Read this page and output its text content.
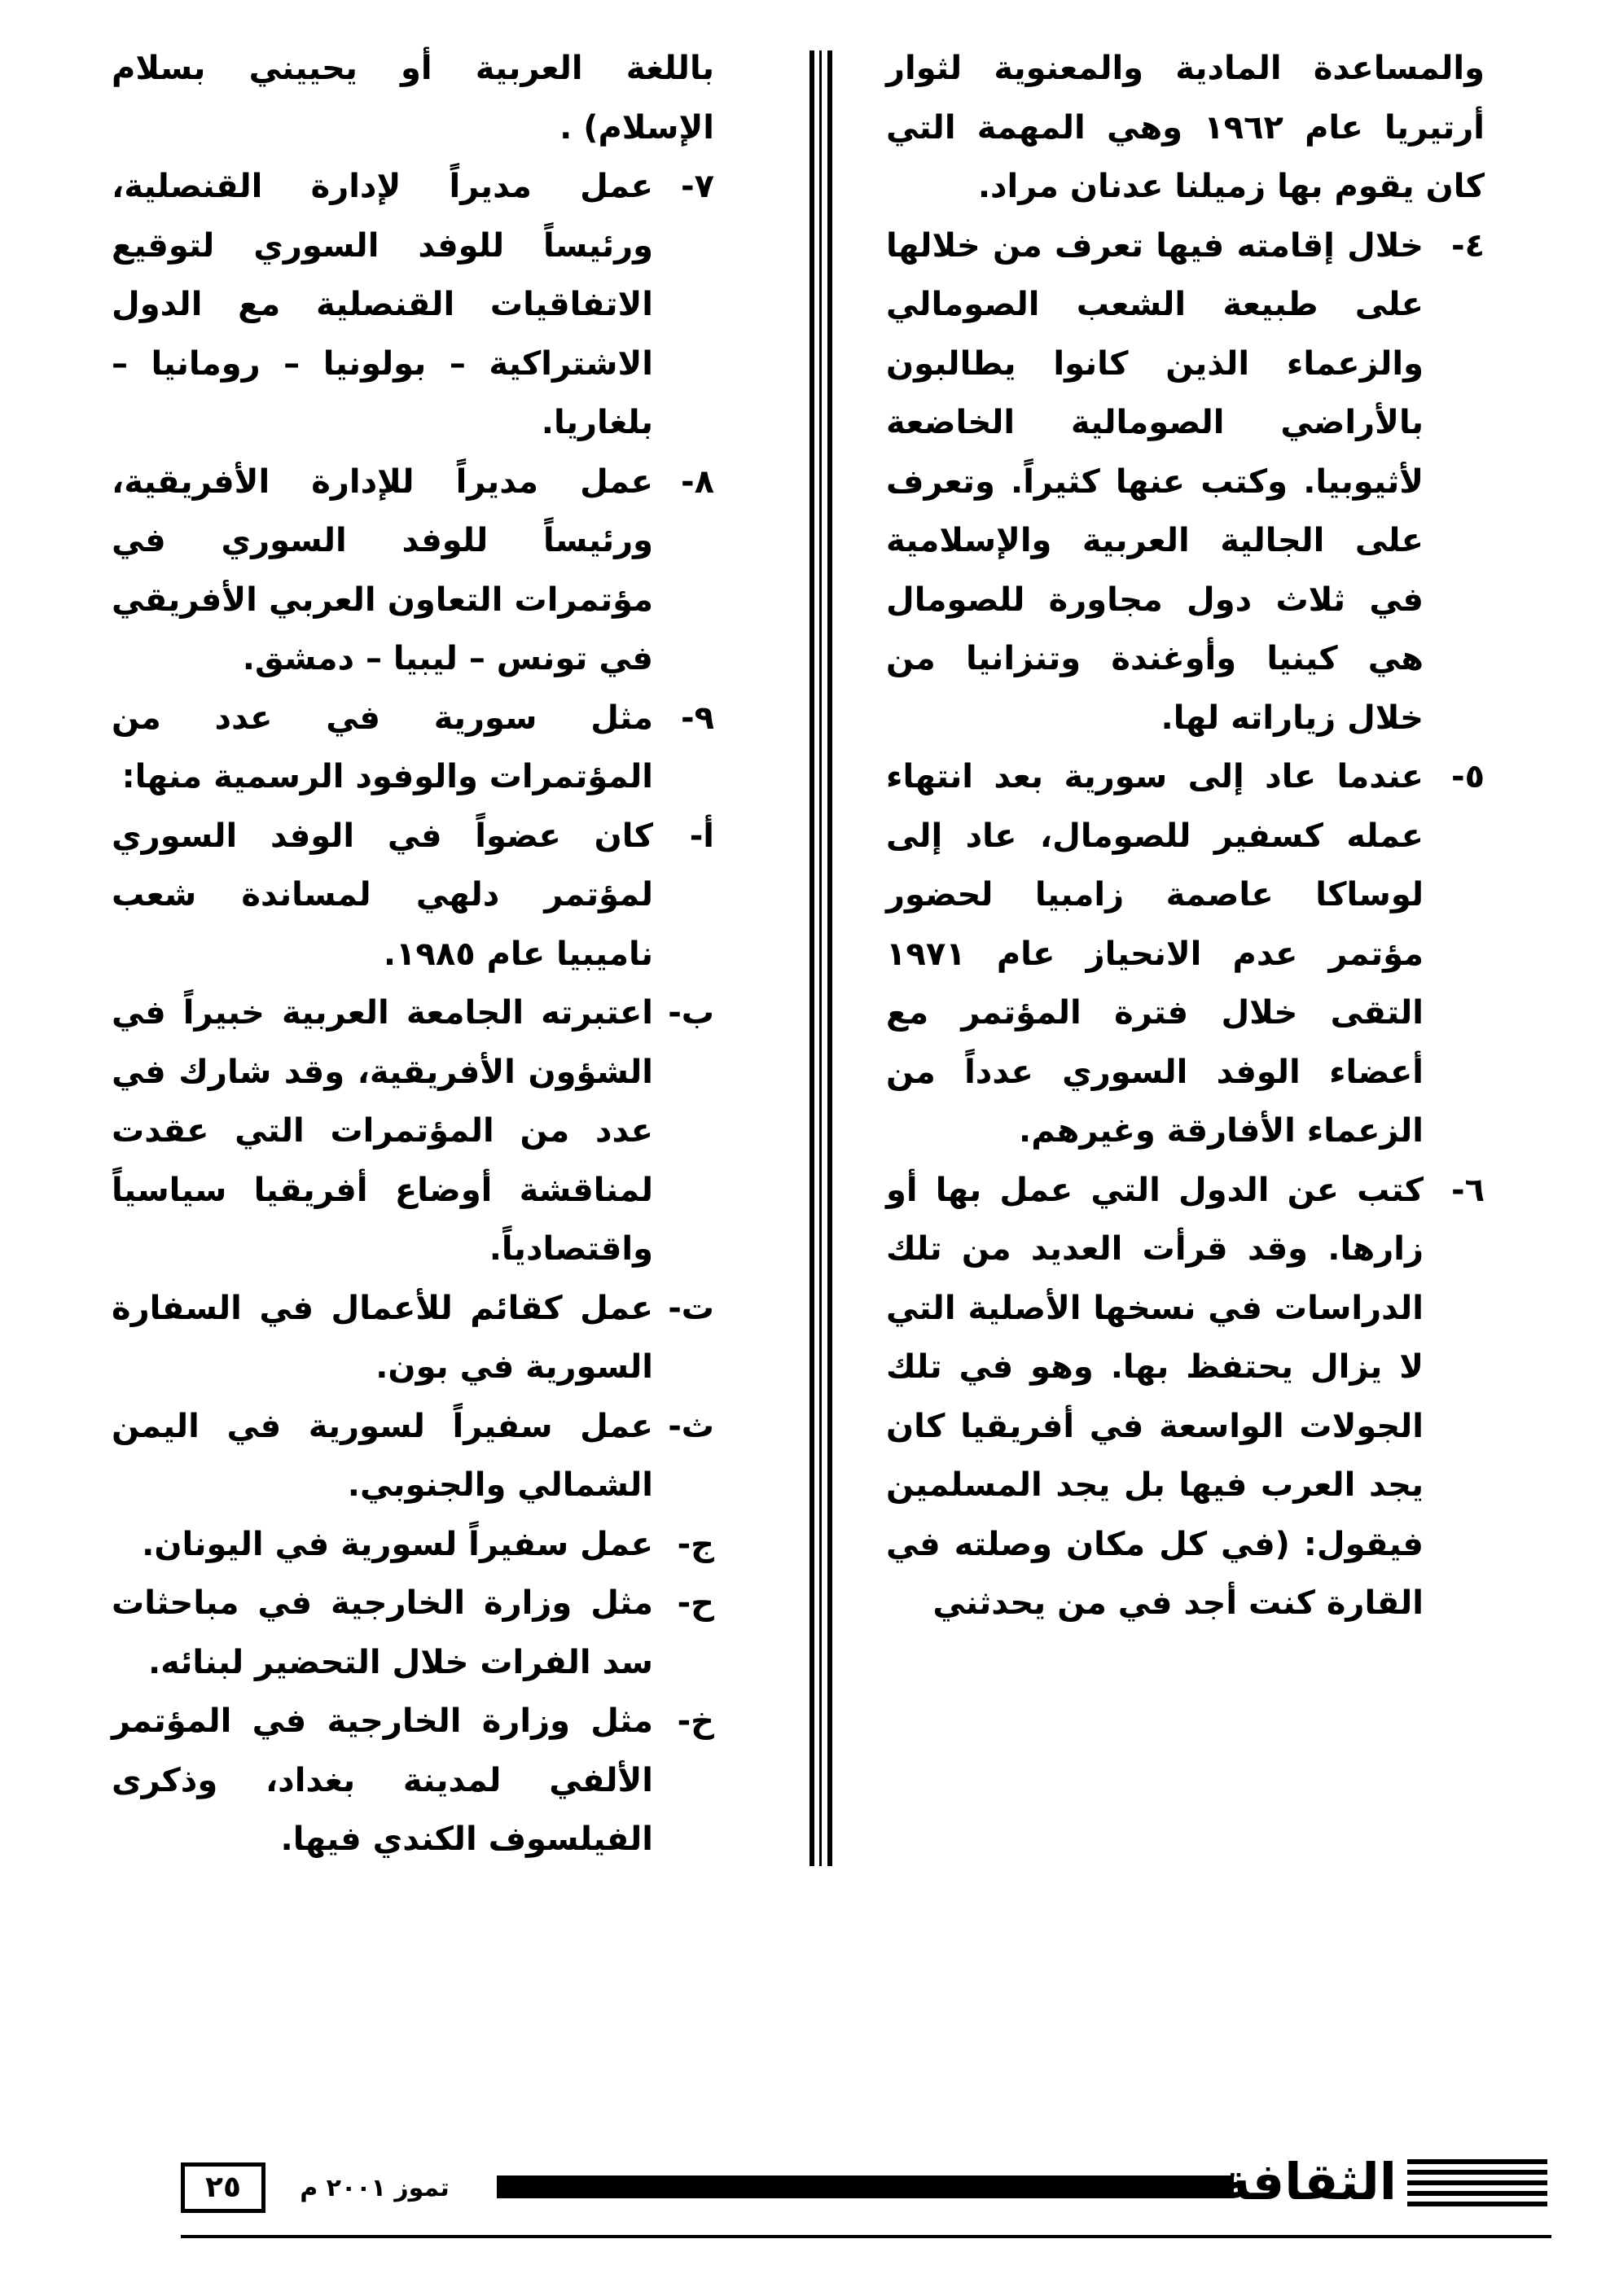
والمساعدة المادية والمعنوية لثوار أرتيريا عام ١٩٦٢ وهي المهمة التي كان يقوم بها زميلنا عدنان مراد.

٤-
خلال إقامته فيها تعرف من خلالها على طبيعة الشعب الصومالي والزعماء الذين كانوا يطالبون بالأراضي الصومالية الخاضعة لأثيوبيا. وكتب عنها كثيراً. وتعرف على الجالية العربية والإسلامية في ثلاث دول مجاورة للصومال هي كينيا وأوغندة وتنزانيا من خلال زياراته لها.

٥-
عندما عاد إلى سورية بعد انتهاء عمله كسفير للصومال، عاد إلى لوساكا عاصمة زامبيا لحضور مؤتمر عدم الانحياز عام ١٩٧١ التقى خلال فترة المؤتمر مع أعضاء الوفد السوري عدداً من الزعماء الأفارقة وغيرهم.

٦-
كتب عن الدول التي عمل بها أو زارها. وقد قرأت العديد من تلك الدراسات في نسخها الأصلية التي لا يزال يحتفظ بها. وهو في تلك الجولات الواسعة في أفريقيا كان يجد العرب فيها بل يجد المسلمين فيقول: (في كل مكان وصلته في القارة كنت أجد في من يحدثني

باللغة العربية أو يحييني بسلام الإسلام) .

٧-
عمل مديراً لإدارة القنصلية، ورئيساً للوفد السوري لتوقيع الاتفاقيات القنصلية مع الدول الاشتراكية – بولونيا – رومانيا – بلغاريا.

٨-
عمل مديراً للإدارة الأفريقية، ورئيساً للوفد السوري في مؤتمرات التعاون العربي الأفريقي في تونس – ليبيا – دمشق.

٩-
مثل سورية في عدد من المؤتمرات والوفود الرسمية منها:

أ-
كان عضواً في الوفد السوري لمؤتمر دلهي لمساندة شعب ناميبيا عام ١٩٨٥.

ب-
اعتبرته الجامعة العربية خبيراً في الشؤون الأفريقية، وقد شارك في عدد من المؤتمرات التي عقدت لمناقشة أوضاع أفريقيا سياسياً واقتصادياً.

ت-
عمل كقائم للأعمال في السفارة السورية في بون.

ث-
عمل سفيراً لسورية في اليمن الشمالي والجنوبي.

ج-
عمل سفيراً لسورية في اليونان.

ح-
مثل وزارة الخارجية في مباحثات سد الفرات خلال التحضير لبنائه.

خ-
مثل وزارة الخارجية في المؤتمر الألفي لمدينة بغداد، وذكرى الفيلسوف الكندي فيها.

٢٥	تموز ٢٠٠١ م	الثقافة
